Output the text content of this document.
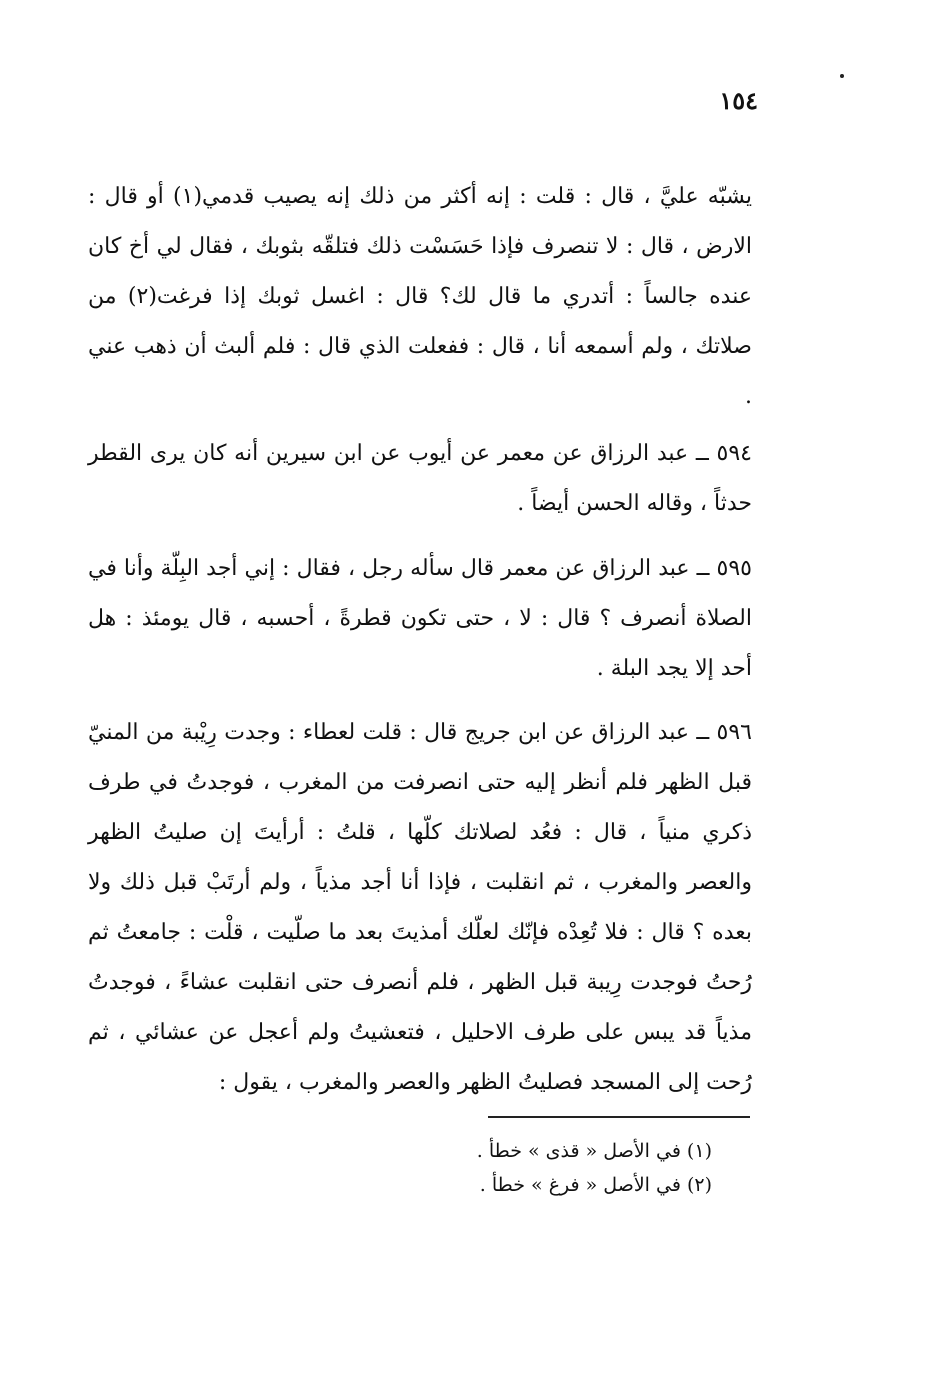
١٥٤

يشبّه عليَّ ، قال : قلت : إنه أكثر من ذلك إنه يصيب قدمي(١) أو قال : الارض ، قال : لا تنصرف فإذا حَسَسْت ذلك فتلقّه بثوبك ، فقال لي أخ كان عنده جالساً : أتدري ما قال لك؟ قال : اغسل ثوبك إذا فرغت(٢) من صلاتك ، ولم أسمعه أنا ، قال : ففعلت الذي قال : فلم ألبث أن ذهب عني .

٥٩٤ ــ عبد الرزاق عن معمر عن أيوب عن ابن سيرين أنه كان يرى القطر حدثاً ، وقاله الحسن أيضاً .

٥٩٥ ــ عبد الرزاق عن معمر قال سأله رجل ، فقال : إني أجد البِلّة وأنا في الصلاة أنصرف ؟ قال : لا ، حتى تكون قطرةً ، أحسبه ، قال يومئذ : هل أحد إلا يجد البلة .

٥٩٦ ــ عبد الرزاق عن ابن جريج قال : قلت لعطاء : وجدت رِيْبة من المنيّ قبل الظهر فلم أنظر إليه حتى انصرفت من المغرب ، فوجدتُ في طرف ذكري منياً ، قال : فعُد لصلاتك كلّها ، قلتُ : أرأيتَ إن صليتُ الظهر والعصر والمغرب ، ثم انقلبت ، فإذا أنا أجد مذياً ، ولم أرتَبْ قبل ذلك ولا بعده ؟ قال : فلا تُعِدْه فإنّك لعلّك أمذيتَ بعد ما صلّيت ، قلْت : جامعتُ ثم رُحتُ فوجدت رِيبة قبل الظهر ، فلم أنصرف حتى انقلبت عشاءً ، فوجدتُ مذياً قد يبس على طرف الاحليل ، فتعشيتُ ولم أعجل عن عشائي ، ثم رُحت إلى المسجد فصليتُ الظهر والعصر والمغرب ، يقول :

(١) في الأصل « قذى » خطأ .
(٢) في الأصل « فرغ » خطأ .
